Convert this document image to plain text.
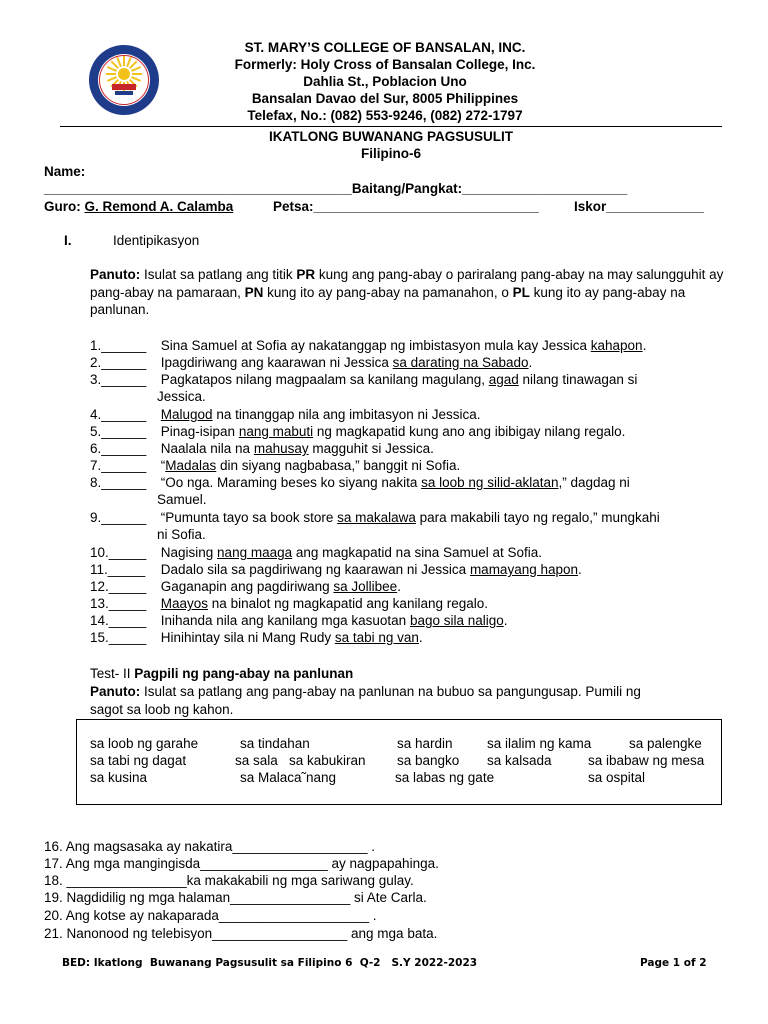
ST. MARY’S COLLEGE OF BANSALAN, INC.
Formerly: Holy Cross of Bansalan College, Inc.
Dahlia St., Poblacion Uno
Bansalan Davao del Sur, 8005 Philippines
Telefax, No.: (082) 553-9246, (082) 272-1797
IKATLONG BUWANANG PAGSUSULIT
Filipino-6
Name:
_________________________________________Baitang/Pangkat:______________________
Guro: G. Remond A. Calamba	Petsa:______________________________	Iskor_____________
I.	Identipikasyon
Panuto: Isulat sa patlang ang titik PR kung ang pang-abay o pariralang pang-abay na may salungguhit ay pang-abay na pamaraan, PN kung ito ay pang-abay na pamanahon, o PL kung ito ay pang-abay na panlunan.
1.______ Sina Samuel at Sofia ay nakatanggap ng imbistasyon mula kay Jessica kahapon.
2.______ Ipagdiriwang ang kaarawan ni Jessica sa darating na Sabado.
3.______ Pagkatapos nilang magpaalam sa kanilang magulang, agad nilang tinawagan si
Jessica.
4.______ Malugod na tinanggap nila ang imbitasyon ni Jessica.
5.______ Pinag-isipan nang mabuti ng magkapatid kung ano ang ibibigay nilang regalo.
6.______ Naalala nila na mahusay magguhit si Jessica.
7.______ “Madalas din siyang nagbabasa,” banggit ni Sofia.
8.______ “Oo nga. Maraming beses ko siyang nakita sa loob ng silid-aklatan,” dagdag ni
Samuel.
9.______ “Pumunta tayo sa book store sa makalawa para makabili tayo ng regalo,” mungkahi
ni Sofia.
10._____ Nagising nang maaga ang magkapatid na sina Samuel at Sofia.
11._____ Dadalo sila sa pagdiriwang ng kaarawan ni Jessica mamayang hapon.
12._____ Gaganapin ang pagdiriwang sa Jollibee.
13._____ Maayos na binalot ng magkapatid ang kanilang regalo.
14._____ Inihanda nila ang kanilang mga kasuotan bago sila naligo.
15._____ Hinihintay sila ni Mang Rudy sa tabi ng van.
Test- II Pagpili ng pang-abay na panlunan
Panuto: Isulat sa patlang ang pang-abay na panlunan na bubuo sa pangungusap. Pumili ng
sagot sa loob ng kahon.
sa loob ng garahe	sa tindahan	sa hardin	sa ilalim ng kama	sa palengke
sa tabi ng dagat	sa sala sa kabukiran sa bangko sa kalsada	sa ibabaw ng mesa
sa kusina	sa Malaca˜nang	sa labas ng gate	sa ospital
16. Ang magsasaka ay nakatira__________________ .
17. Ang mga mangingisda_________________ ay nagpapahinga.
18. ________________ka makakabili ng mga sariwang gulay.
19. Nagdidilig ng mga halaman________________ si Ate Carla.
20. Ang kotse ay nakaparada____________________ .
21. Nanonood ng telebisyon__________________ ang mga bata.
BED: Ikatlong  Buwanang Pagsusulit sa Filipino 6  Q-2   S.Y 2022-2023	Page 1 of 2
